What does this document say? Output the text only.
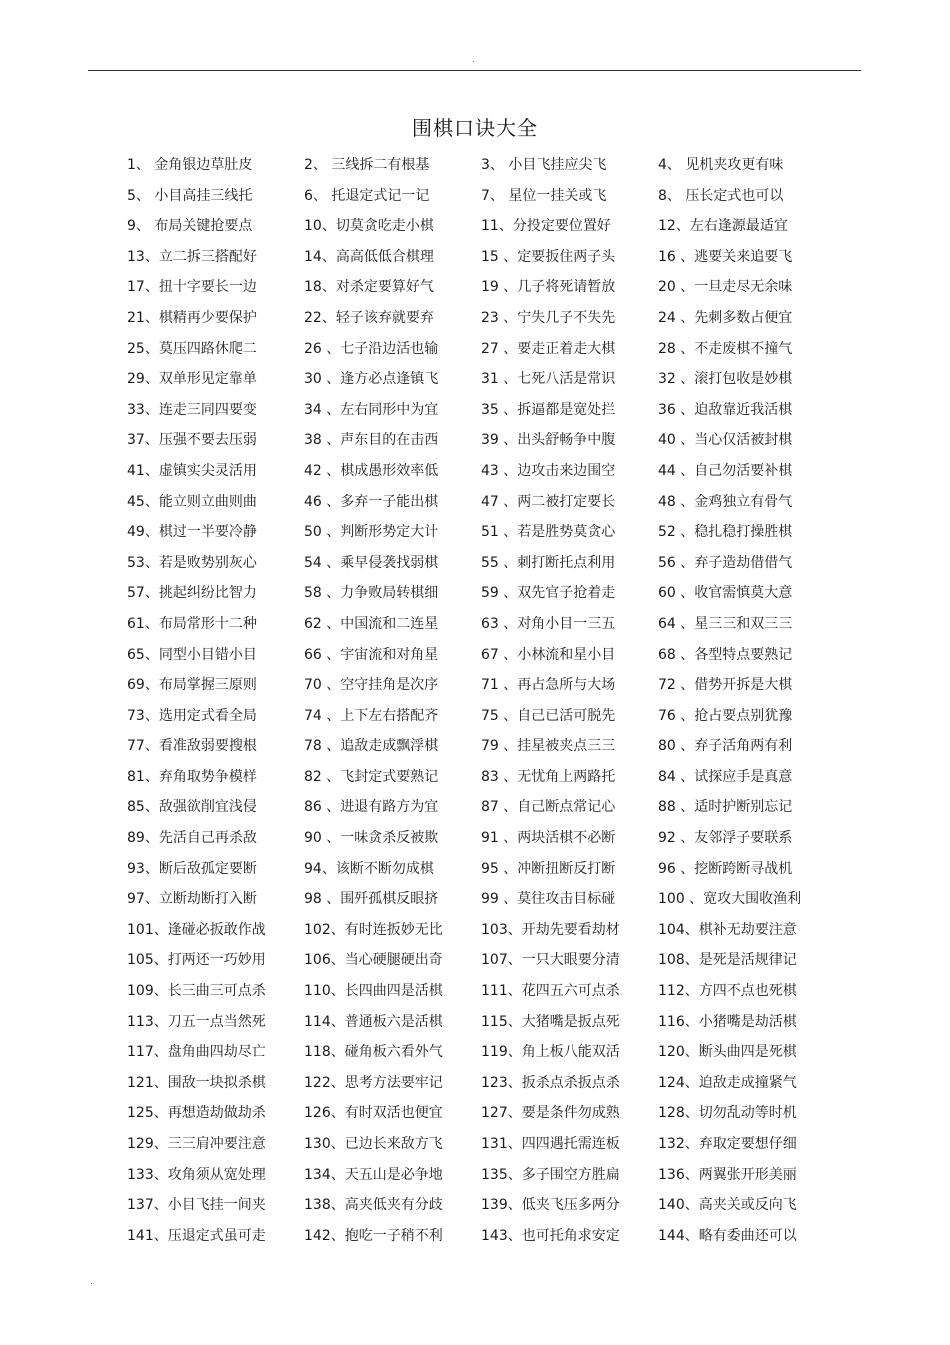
.
围棋口诀大全
1、 金角银边草肚皮	2、 三线拆二有根基	3、 小目飞挂应尖飞	4、 见机夹攻更有味
5、 小目高挂三线托	6、 托退定式记一记	7、 星位一挂关或飞	8、 压长定式也可以
9、 布局关键抢要点	10、切莫贪吃走小棋	11、分投定要位置好	12、左右逢源最适宜
13、立二拆三搭配好	14、高高低低合棋理	15 、定要扳住两子头	16 、逃要关来追要飞
17、扭十字要长一边	18、对杀定要算好气	19 、几子将死请暂放	20 、一旦走尽无余味
21、棋精再少要保护	22、轻子该弃就要弃	23 、宁失几子不失先	24 、先刺多数占便宜
25、莫压四路休爬二	26 、七子沿边活也输	27 、要走正着走大棋	28 、不走废棋不撞气
29、双单形见定靠单	30 、逢方必点逢镇飞	31 、七死八活是常识	32 、滚打包收是妙棋
33、连走三同四要变	34 、左右同形中为宜	35 、拆逼都是宽处拦	36 、迫敌靠近我活棋
37、压强不要去压弱	38 、声东目的在击西	39 、出头舒畅争中腹	40 、当心仅活被封棋
41、虚镇实尖灵活用	42 、棋成愚形效率低	43 、边攻击来边围空	44 、自己勿活要补棋
45、能立则立曲则曲	46 、多弃一子能出棋	47 、两二被打定要长	48 、金鸡独立有骨气
49、棋过一半要冷静	50 、判断形势定大计	51 、若是胜势莫贪心	52 、稳扎稳打操胜棋
53、若是败势别灰心	54 、乘早侵袭找弱棋	55 、刺打断托点利用	56 、弃子造劫借借气
57、挑起纠纷比智力	58 、力争败局转棋细	59 、双先官子抢着走	60 、收官需慎莫大意
61、布局常形十二种	62 、中国流和二连星	63 、对角小目一三五	64 、星三三和双三三
65、同型小目错小目	66 、宇宙流和对角星	67 、小林流和星小目	68 、各型特点要熟记
69、布局掌握三原则	70 、空守挂角是次序	71 、再占急所与大场	72 、借势开拆是大棋
73、选用定式看全局	74 、上下左右搭配齐	75 、自己已活可脱先	76 、抢占要点别犹豫
77、看准敌弱要搜根	78 、追敌走成飘浮棋	79 、挂星被夹点三三	80 、弃子活角两有利
81、弃角取势争模样	82 、飞封定式要熟记	83 、无忧角上两路托	84 、试探应手是真意
85、敌强欲削宜浅侵	86 、进退有路方为宜	87 、自己断点常记心	88 、适时护断别忘记
89、先活自己再杀敌	90 、一味贪杀反被欺	91 、两块活棋不必断	92 、友邻浮子要联系
93、断后敌孤定要断	94、该断不断勿成棋	95 、冲断扭断反打断	96 、挖断跨断寻战机
97、立断劫断打入断	98 、围歼孤棋反眼挤	99 、莫往攻击目标碰	100 、宽攻大围收渔利
101、逢碰必扳敢作战	102、有时连扳妙无比	103、开劫先要看劫材	104、棋补无劫要注意
105、打两还一巧妙用	106、当心硬腿硬出奇	107、一只大眼要分清	108、是死是活规律记
109、长三曲三可点杀	110、长四曲四是活棋	111、花四五六可点杀	112、方四不点也死棋
113、刀五一点当然死	114、普通板六是活棋	115、大猪嘴是扳点死	116、小猪嘴是劫活棋
117、盘角曲四劫尽亡	118、碰角板六看外气	119、角上板八能双活	120、断头曲四是死棋
121、围敌一块拟杀棋	122、思考方法要牢记	123、扳杀点杀扳点杀	124、迫敌走成撞紧气
125、再想造劫做劫杀	126、有时双活也便宜	127、要是条件勿成熟	128、切勿乱动等时机
129、三三肩冲要注意	130、已边长来敌方飞	131、四四遇托需连板	132、弃取定要想仔细
133、攻角须从宽处理	134、天五山是必争地	135、多子围空方胜扁	136、两翼张开形美丽
137、小目飞挂一间夹	138、高夹低夹有分歧	139、低夹飞压多两分	140、高夹关或反向飞
141、压退定式虽可走	142、抱吃一子稍不利	143、也可托角求安定	144、略有委曲还可以
.
